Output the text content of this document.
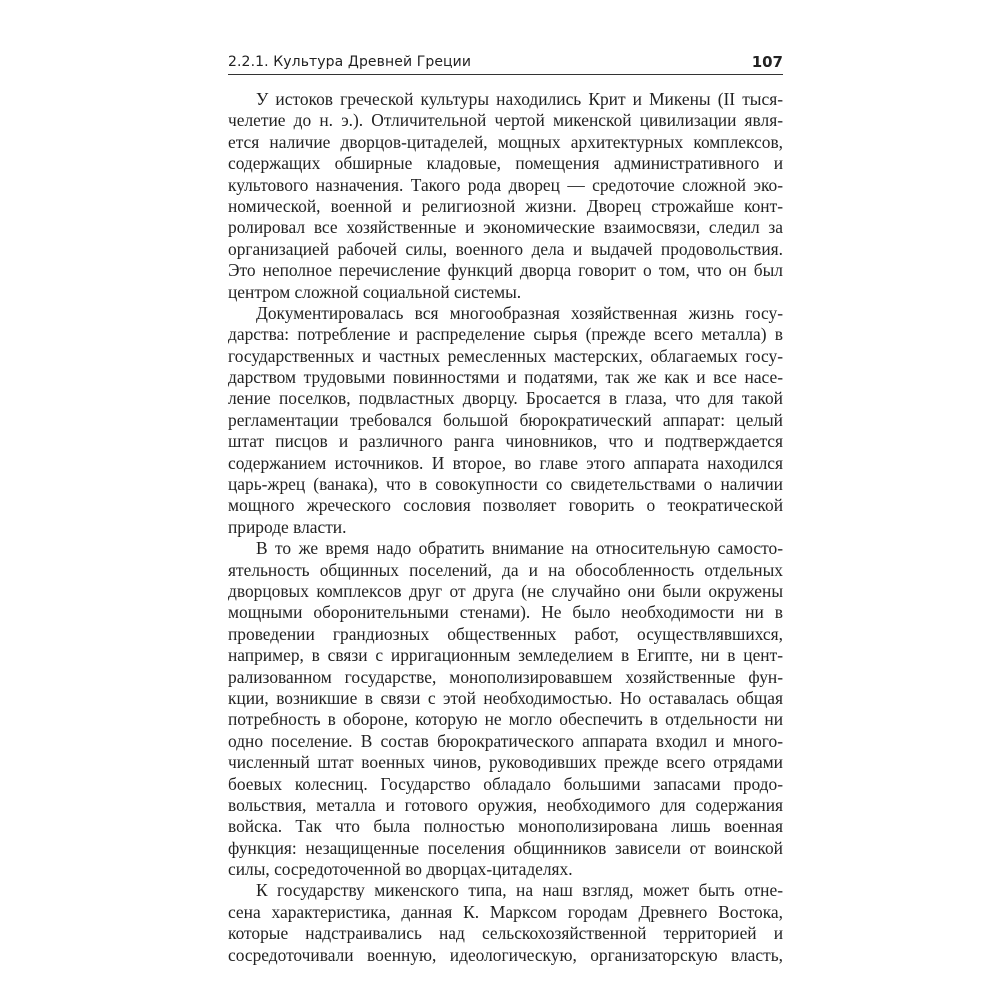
2.2.1. Культура Древней Греции	107
У истоков греческой культуры находились Крит и Микены (II тыся-
челетие до н. э.). Отличительной чертой микенской цивилизации явля-
ется наличие дворцов-цитаделей, мощных архитектурных комплексов,
содержащих обширные кладовые, помещения административного и
культового назначения. Такого рода дворец — средоточие сложной эко-
номической, военной и религиозной жизни. Дворец строжайше конт-
ролировал все хозяйственные и экономические взаимосвязи, следил за
организацией рабочей силы, военного дела и выдачей продовольствия.
Это неполное перечисление функций дворца говорит о том, что он был
центром сложной социальной системы.
Документировалась вся многообразная хозяйственная жизнь госу-
дарства: потребление и распределение сырья (прежде всего металла) в
государственных и частных ремесленных мастерских, облагаемых госу-
дарством трудовыми повинностями и податями, так же как и все насе-
ление поселков, подвластных дворцу. Бросается в глаза, что для такой
регламентации требовался большой бюрократический аппарат: целый
штат писцов и различного ранга чиновников, что и подтверждается
содержанием источников. И второе, во главе этого аппарата находился
царь-жрец (ванака), что в совокупности со свидетельствами о наличии
мощного жреческого сословия позволяет говорить о теократической
природе власти.
В то же время надо обратить внимание на относительную самосто-
ятельность общинных поселений, да и на обособленность отдельных
дворцовых комплексов друг от друга (не случайно они были окружены
мощными оборонительными стенами). Не было необходимости ни в
проведении грандиозных общественных работ, осуществлявшихся,
например, в связи с ирригационным земледелием в Египте, ни в цент-
рализованном государстве, монополизировавшем хозяйственные фун-
кции, возникшие в связи с этой необходимостью. Но оставалась общая
потребность в обороне, которую не могло обеспечить в отдельности ни
одно поселение. В состав бюрократического аппарата входил и много-
численный штат военных чинов, руководивших прежде всего отрядами
боевых колесниц. Государство обладало большими запасами продо-
вольствия, металла и готового оружия, необходимого для содержания
войска. Так что была полностью монополизирована лишь военная
функция: незащищенные поселения общинников зависели от воинской
силы, сосредоточенной во дворцах-цитаделях.
К государству микенского типа, на наш взгляд, может быть отне-
сена характеристика, данная К. Марксом городам Древнего Востока,
которые надстраивались над сельскохозяйственной территорией и
сосредоточивали военную, идеологическую, организаторскую власть,
